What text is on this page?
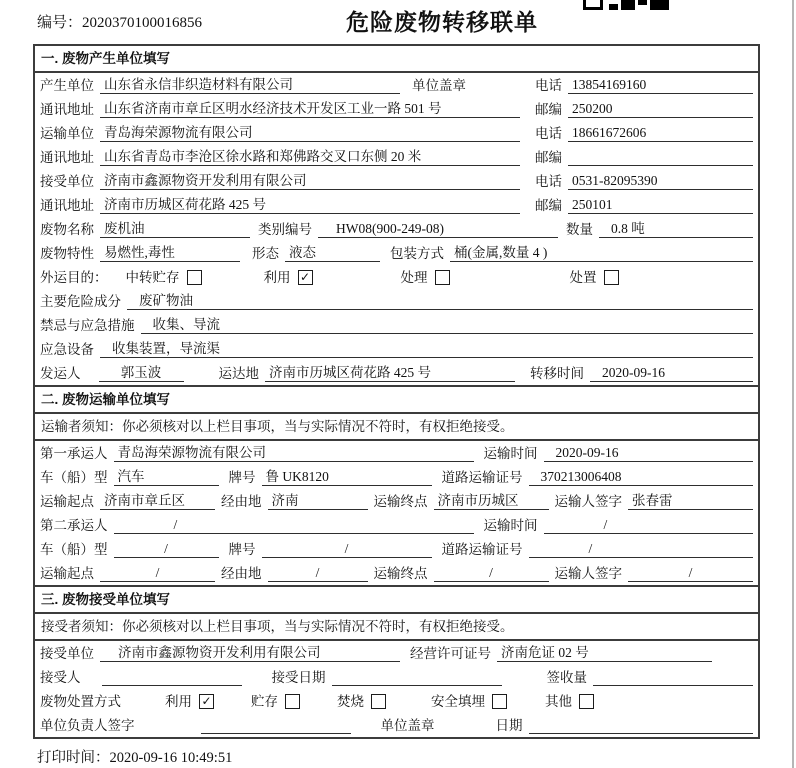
编号：2020370100016856	危险废物转移联单
一. 废物产生单位填写
产生单位 山东省永信非织造材料有限公司	单位盖章	电话 13854169160
通讯地址 山东省济南市章丘区明水经济技术开发区工业一路 501 号	邮编 250200
运输单位 青岛海荣源物流有限公司	电话 18661672606
通讯地址 山东省青岛市李沧区徐水路和郑佛路交叉口东侧 20 米	邮编
接受单位 济南市鑫源物资开发利用有限公司	电话 0531-82095390
通讯地址 济南市历城区荷花路 425 号	邮编 250101
废物名称 废机油	类别编号	HW08(900-249-08)	数量	0.8 吨
废物特性 易燃性,毒性	形态 液态	包装方式 桶(金属,数量 4 )
外运目的：	中转贮存	利用 ✓	处理	处置
主要危险成分	废矿物油
禁忌与应急措施	收集、导流
应急设备	收集装置，导流渠
发运人	郭玉波	运达地 济南市历城区荷花路 425 号	转移时间	2020-09-16
二. 废物运输单位填写
运输者须知：你必须核对以上栏目事项，当与实际情况不符时，有权拒绝接受。
第一承运人 青岛海荣源物流有限公司	运输时间	2020-09-16
车（船）型 汽车	牌号 鲁 UK8120	道路运输证号	370213006408
运输起点 济南市章丘区	经由地 济南	运输终点 济南市历城区	运输人签字 张春雷
第二承运人	/	运输时间	/
车（船）型	/	牌号	/	道路运输证号	/
运输起点	/	经由地	/	运输终点	/	运输人签字	/
三. 废物接受单位填写
接受者须知：你必须核对以上栏目事项，当与实际情况不符时，有权拒绝接受。
接受单位	济南市鑫源物资开发利用有限公司	经营许可证号 济南危证 02 号
接受人	接受日期	签收量
废物处置方式	利用 ✓	贮存	焚烧	安全填埋	其他
单位负责人签字	单位盖章	日期
打印时间：2020-09-16 10:49:51
